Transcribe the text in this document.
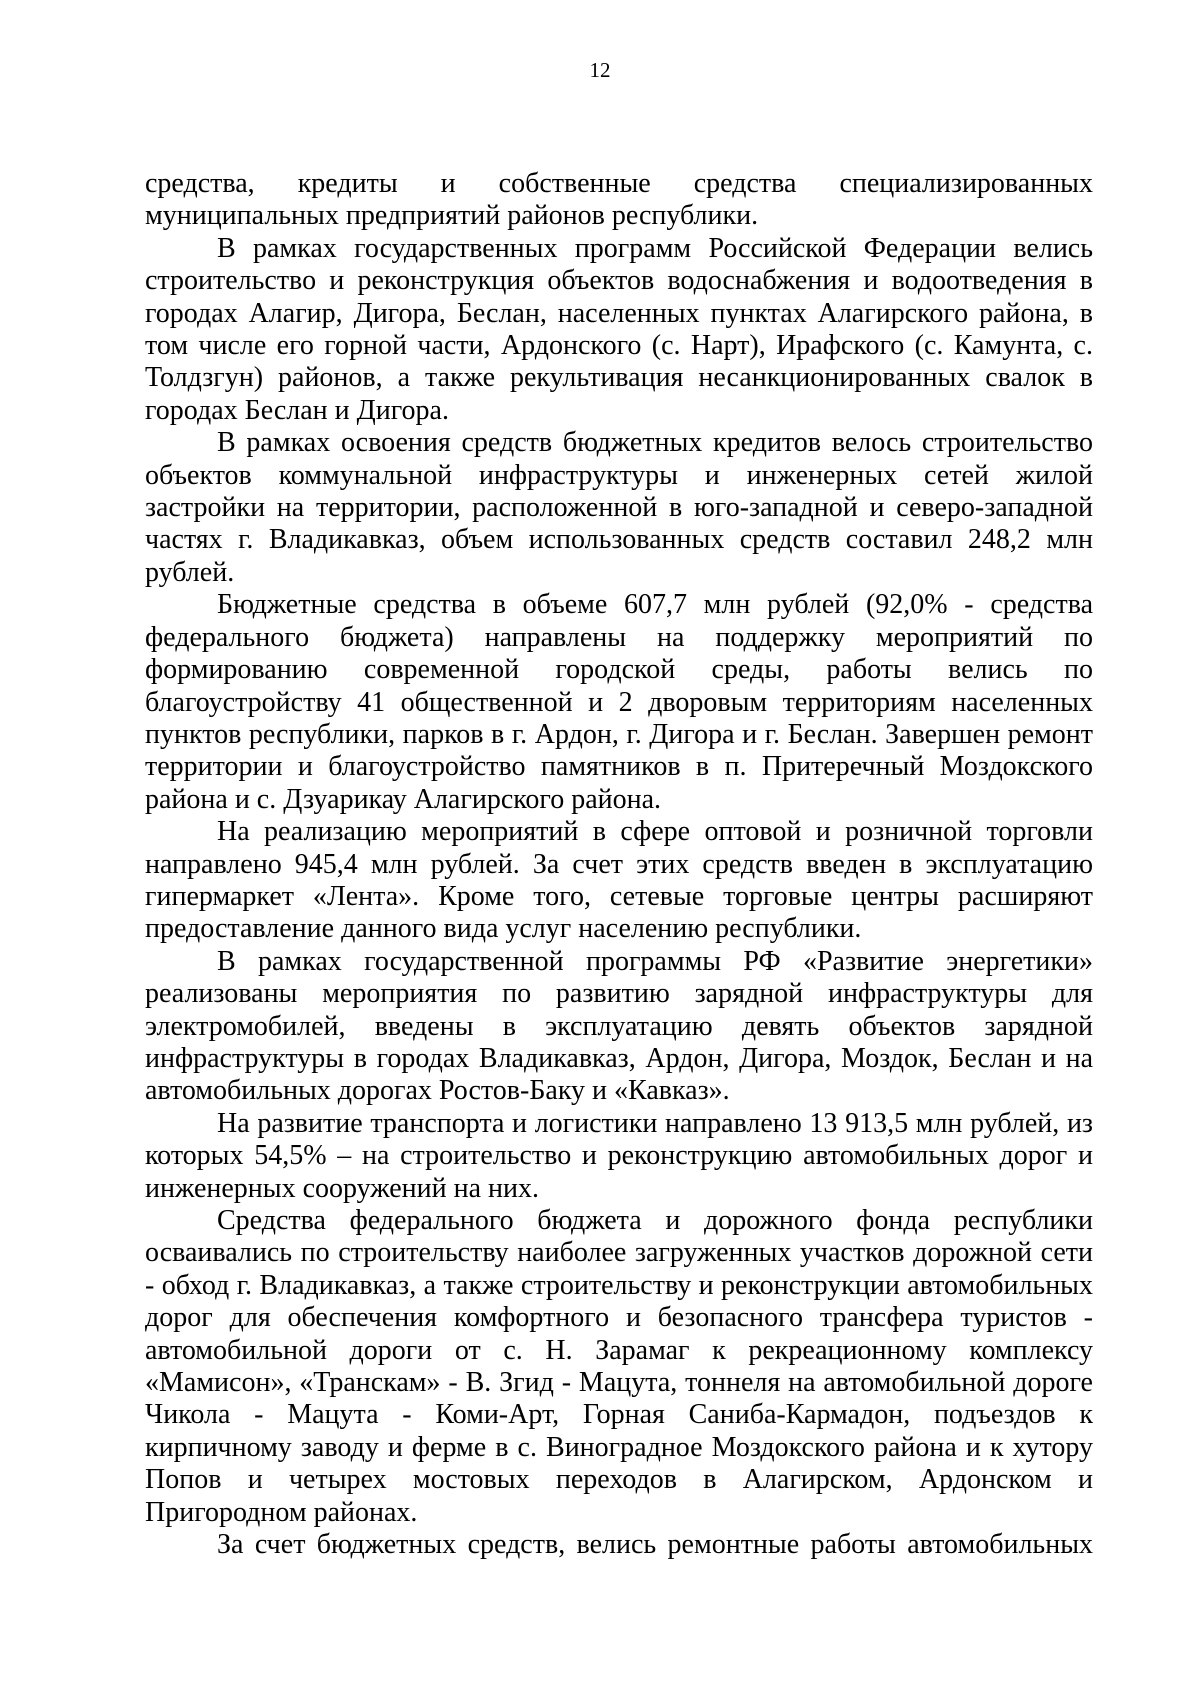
12

средства, кредиты и собственные средства специализированных муниципальных предприятий районов республики.

В рамках государственных программ Российской Федерации велись строительство и реконструкция объектов водоснабжения и водоотведения в городах Алагир, Дигора, Беслан, населенных пунктах Алагирского района, в том числе его горной части, Ардонского (с. Нарт), Ирафского (с. Камунта, с. Толдзгун) районов, а также рекультивация несанкционированных свалок в городах Беслан и Дигора.

В рамках освоения средств бюджетных кредитов велось строительство объектов коммунальной инфраструктуры и инженерных сетей жилой застройки на территории, расположенной в юго-западной и северо-западной частях г. Владикавказ, объем использованных средств составил 248,2 млн рублей.

Бюджетные средства в объеме 607,7 млн рублей (92,0% - средства федерального бюджета) направлены на поддержку мероприятий по формированию современной городской среды, работы велись по благоустройству 41 общественной и 2 дворовым территориям населенных пунктов республики, парков в г. Ардон, г. Дигора и г. Беслан. Завершен ремонт территории и благоустройство памятников в п. Притеречный Моздокского района и с. Дзуарикау Алагирского района.

На реализацию мероприятий в сфере оптовой и розничной торговли направлено 945,4 млн рублей. За счет этих средств введен в эксплуатацию гипермаркет «Лента». Кроме того, сетевые торговые центры расширяют предоставление данного вида услуг населению республики.

В рамках государственной программы РФ «Развитие энергетики» реализованы мероприятия по развитию зарядной инфраструктуры для электромобилей, введены в эксплуатацию девять объектов зарядной инфраструктуры в городах Владикавказ, Ардон, Дигора, Моздок, Беслан и на автомобильных дорогах Ростов-Баку и «Кавказ».

На развитие транспорта и логистики направлено 13 913,5 млн рублей, из которых 54,5% – на строительство и реконструкцию автомобильных дорог и инженерных сооружений на них.

Средства федерального бюджета и дорожного фонда республики осваивались по строительству наиболее загруженных участков дорожной сети - обход г. Владикавказ, а также строительству и реконструкции автомобильных дорог для обеспечения комфортного и безопасного трансфера туристов - автомобильной дороги от с. Н. Зарамаг к рекреационному комплексу «Мамисон», «Транскам» - В. Згид - Мацута, тоннеля на автомобильной дороге Чикола - Мацута - Коми-Арт, Горная Саниба-Кармадон, подъездов к кирпичному заводу и ферме в с. Виноградное Моздокского района и к хутору Попов и четырех мостовых переходов в Алагирском, Ардонском и Пригородном районах.

За счет бюджетных средств, велись ремонтные работы автомобильных
